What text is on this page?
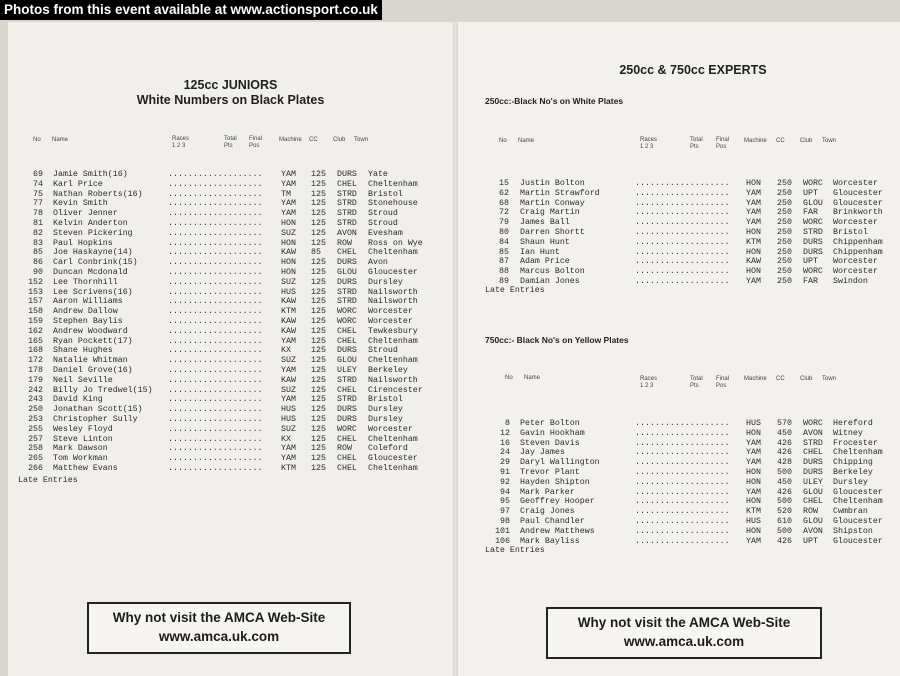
Photos from this event available at www.actionsport.co.uk
125cc JUNIORS
White Numbers on Black Plates
No Name	Races
1 2 3
Total
Pts
Final
Pos
Machine CC	Club Town
69 Jamie Smith(16)	................... YAM 125 DURS Yate
74 Karl Price	................... YAM 125 CHEL Cheltenham
75 Nathan Roberts(16)	................... TM 125 STRD Bristol
77 Kevin Smith	................... YAM 125 STRD Stonehouse
78 Oliver Jenner	................... YAM 125 STRD Stroud
81 Kelvin Anderton	................... HON 125 STRD Stroud
82 Steven Pickering	................... SUZ 125 AVON Evesham
83 Paul Hopkins	................... HON 125 ROW Ross on Wye
85 Joe Haskayne(14)	................... KAW 85 CHEL Cheltenham
86 Carl Conbrink(15)	................... HON 125 DURS Avon
90 Duncan Mcdonald	................... HON 125 GLOU Gloucester
152 Lee Thornhill	................... SUZ 125 DURS Dursley
153 Lee Scrivens(16)	................... HUS 125 STRD Nailsworth
157 Aaron Williams	................... KAW 125 STRD Nailsworth
158 Andrew Dallow	................... KTM 125 WORC Worcester
159 Stephen Baylis	................... KAW 125 WORC Worcester
162 Andrew Woodward	................... KAW 125 CHEL Tewkesbury
165 Ryan Pockett(17)	................... YAM 125 CHEL Cheltenham
168 Shane Hughes	................... KX 125 DURS Stroud
172 Natalie Whitman	................... SUZ 125 GLOU Cheltenham
178 Daniel Grove(16)	................... YAM 125 ULEY Berkeley
179 Neil Seville	................... KAW 125 STRD Nailsworth
242 Billy Jo Tredwel(15) ................... SUZ 125 CHEL Cirencester
243 David King	................... YAM 125 STRD Bristol
250 Jonathan Scott(15)	................... HUS 125 DURS Dursley
253 Christopher Sully	................... HUS 125 DURS Dursley
255 Wesley Floyd	................... SUZ 125 WORC Worcester
257 Steve Linton	................... KX 125 CHEL Cheltenham
258 Mark Dawson	................... YAM 125 ROW Coleford
265 Tom Workman	................... YAM 125 CHEL Gloucester
266 Matthew Evans	................... KTM 125 CHEL Cheltenham
Late Entries
Why not visit the AMCA Web-Site
www.amca.uk.com
250cc & 750cc EXPERTS
250cc:-Black No's on White Plates
No Name	Races
1 2 3
Total
Pts
Final
Pos
Machine CC	Club Town
15 Justin Bolton	................... HON 250 WORC Worcester
62 Martin Strawford	................... YAM 250 UPT Gloucester
68 Martin Conway	................... YAM 250 GLOU Gloucester
72 Craig Martin	................... YAM 250 FAR Brinkworth
79 James Ball	................... YAM 250 WORC Worcester
80 Darren Shortt	................... HON 250 STRD Bristol
84 Shaun Hunt	................... KTM 250 DURS Chippenham
85 Ian Hunt	................... HON 250 DURS Chippenham
87 Adam Price	................... KAW 250 UPT Worcester
88 Marcus Bolton	................... HON 250 WORC Worcester
89 Damian Jones	................... YAM 250 FAR Swindon
Late Entries
750cc:- Black No's on Yellow Plates
No Name	Races
1 2 3
Total
Pts
Final
Pos
Machine CC	Club Town
8 Peter Bolton	................... HUS 570 WORC Hereford
12 Gavin Hookham	................... HON 450 AVON Witney
16 Steven Davis	................... YAM 426 STRD Frocester
24 Jay James	................... YAM 426 CHEL Cheltenham
29 Daryl Wallington	................... YAM 428 DURS Chipping
91 Trevor Plant	................... HON 500 DURS Berkeley
92 Hayden Shipton	................... HON 450 ULEY Dursley
94 Mark Parker	................... YAM 426 GLOU Gloucester
95 Geoffrey Hooper	................... HON 500 CHEL Cheltenham
97 Craig Jones	................... KTM 520 ROW Cwmbran
98 Paul Chandler	................... HUS 610 GLOU Gloucester
101 Andrew Matthews	................... HON 500 AVON Shipston
106 Mark Bayliss	................... YAM 426 UPT Gloucester
Late Entries
Why not visit the AMCA Web-Site
www.amca.uk.com
